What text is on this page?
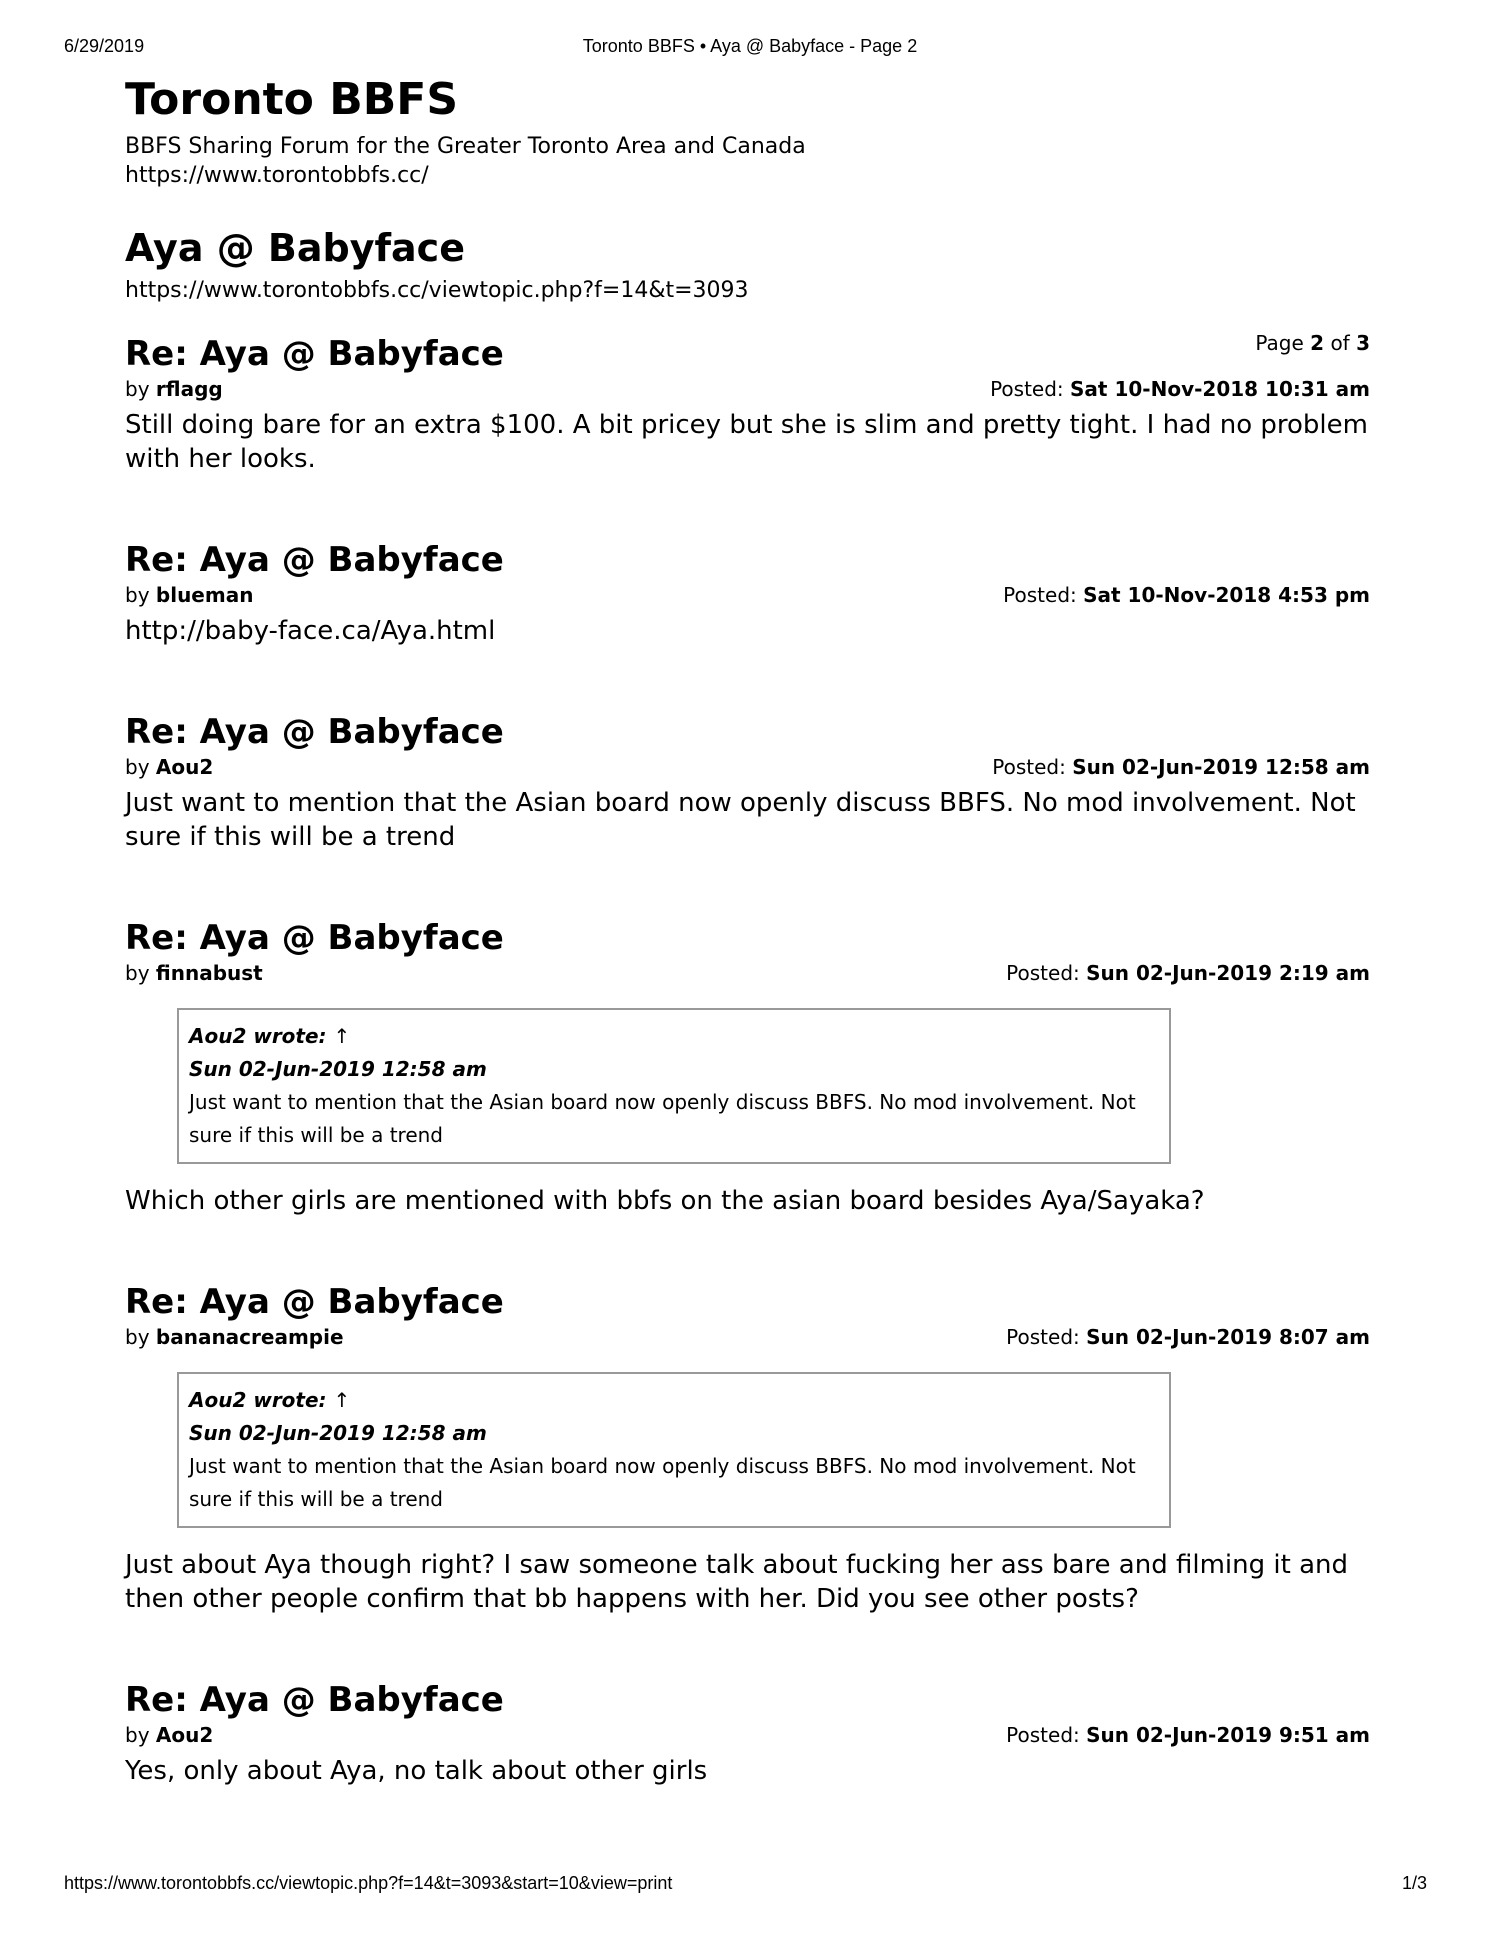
6/29/2019	Toronto BBFS • Aya @ Babyface - Page 2
Toronto BBFS

BBFS Sharing Forum for the Greater Toronto Area and Canada

https://www.torontobbfs.cc/

Aya @ Babyface

https://www.torontobbfs.cc/viewtopic.php?f=14&t=3093

Page 2 of 3
Re: Aya @ Babyface
by rflagg	Posted: Sat 10-Nov-2018 10:31 am
Still doing bare for an extra $100. A bit pricey but she is slim and pretty tight. I had no problem with her looks.
Re: Aya @ Babyface
by blueman	Posted: Sat 10-Nov-2018 4:53 pm
http://baby-face.ca/Aya.html
Re: Aya @ Babyface
by Aou2	Posted: Sun 02-Jun-2019 12:58 am
Just want to mention that the Asian board now openly discuss BBFS. No mod involvement. Not sure if this will be a trend
Re: Aya @ Babyface
by finnabust	Posted: Sun 02-Jun-2019 2:19 am
Aou2 wrote: ↑
Sun 02-Jun-2019 12:58 am
Just want to mention that the Asian board now openly discuss BBFS. No mod involvement. Not sure if this will be a trend
Which other girls are mentioned with bbfs on the asian board besides Aya/Sayaka?
Re: Aya @ Babyface
by bananacreampie	Posted: Sun 02-Jun-2019 8:07 am
Aou2 wrote: ↑
Sun 02-Jun-2019 12:58 am
Just want to mention that the Asian board now openly discuss BBFS. No mod involvement. Not sure if this will be a trend
Just about Aya though right? I saw someone talk about fucking her ass bare and filming it and then other people confirm that bb happens with her. Did you see other posts?
Re: Aya @ Babyface
by Aou2	Posted: Sun 02-Jun-2019 9:51 am
Yes, only about Aya, no talk about other girls
https://www.torontobbfs.cc/viewtopic.php?f=14&t=3093&start=10&view=print	1/3
